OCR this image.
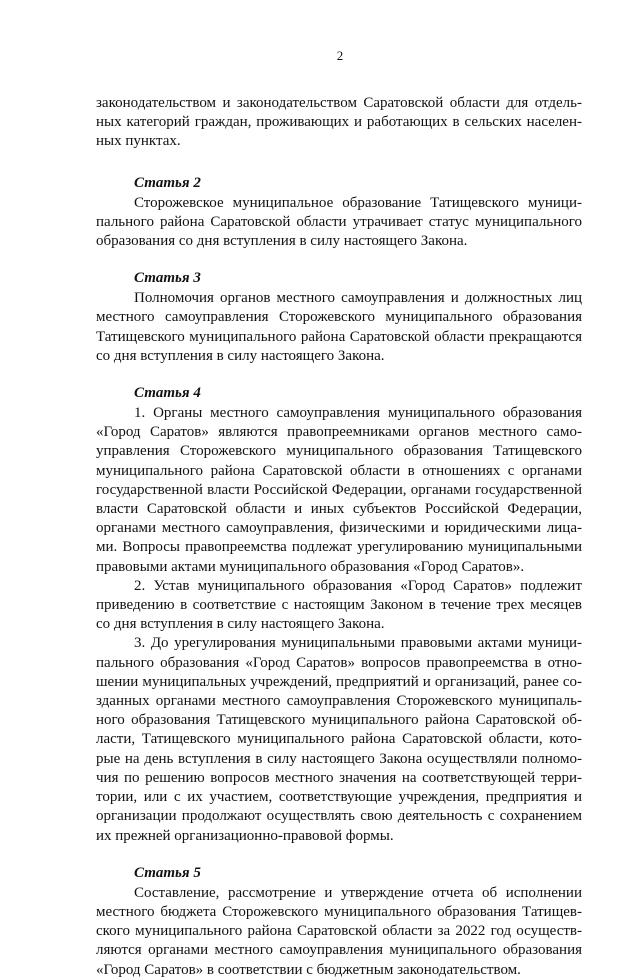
2

законодательством и законодательством Саратовской области для отдельных категорий граждан, проживающих и работающих в сельских населенных пунктах.

Статья 2

Сторожевское муниципальное образование Татищевского муниципального района Саратовской области утрачивает статус муниципального образования со дня вступления в силу настоящего Закона.

Статья 3

Полномочия органов местного самоуправления и должностных лиц местного самоуправления Сторожевского муниципального образования Татищевского муниципального района Саратовской области прекращаются со дня вступления в силу настоящего Закона.

Статья 4

1. Органы местного самоуправления муниципального образования «Город Саратов» являются правопреемниками органов местного самоуправления Сторожевского муниципального образования Татищевского муниципального района Саратовской области в отношениях с органами государственной власти Российской Федерации, органами государственной власти Саратовской области и иных субъектов Российской Федерации, органами местного самоуправления, физическими и юридическими лицами. Вопросы правопреемства подлежат урегулированию муниципальными правовыми актами муниципального образования «Город Саратов».

2. Устав муниципального образования «Город Саратов» подлежит приведению в соответствие с настоящим Законом в течение трех месяцев со дня вступления в силу настоящего Закона.

3. До урегулирования муниципальными правовыми актами муниципального образования «Город Саратов» вопросов правопреемства в отношении муниципальных учреждений, предприятий и организаций, ранее созданных органами местного самоуправления Сторожевского муниципального образования Татищевского муниципального района Саратовской области, Татищевского муниципального района Саратовской области, которые на день вступления в силу настоящего Закона осуществляли полномочия по решению вопросов местного значения на соответствующей территории, или с их участием, соответствующие учреждения, предприятия и организации продолжают осуществлять свою деятельность с сохранением их прежней организационно-правовой формы.

Статья 5

Составление, рассмотрение и утверждение отчета об исполнении местного бюджета Сторожевского муниципального образования Татищевского муниципального района Саратовской области за 2022 год осуществляются органами местного самоуправления муниципального образования «Город Саратов» в соответствии с бюджетным законодательством.
